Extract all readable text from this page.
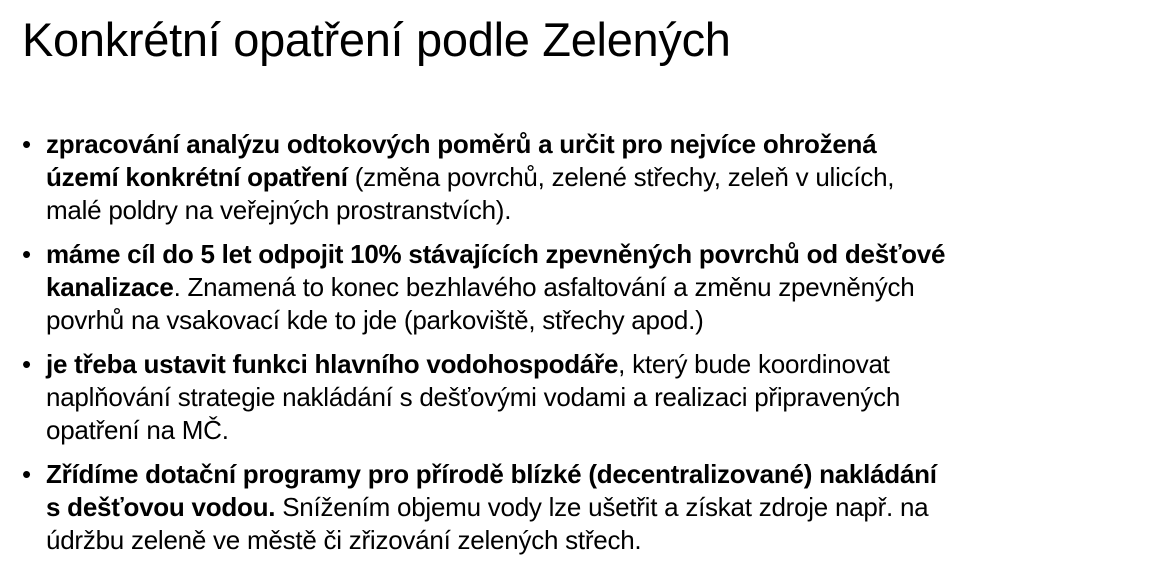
Konkrétní opatření podle Zelených
• zpracování analýzu odtokových poměrů a určit pro nejvíce ohrožená
území konkrétní opatření (změna povrchů, zelené střechy, zeleň v ulicích,
malé poldry na veřejných prostranstvích).
• máme cíl do 5 let odpojit 10% stávajících zpevněných povrchů od dešťové
kanalizace. Znamená to konec bezhlavého asfaltování a změnu zpevněných
povrhů na vsakovací kde to jde (parkoviště, střechy apod.)
• je třeba ustavit funkci hlavního vodohospodáře, který bude koordinovat
naplňování strategie nakládání s dešťovými vodami a realizaci připravených
opatření na MČ.
• Zřídíme dotační programy pro přírodě blízké (decentralizované) nakládání
s dešťovou vodou. Snížením objemu vody lze ušetřit a získat zdroje např. na
údržbu zeleně ve městě či zřizování zelených střech.
